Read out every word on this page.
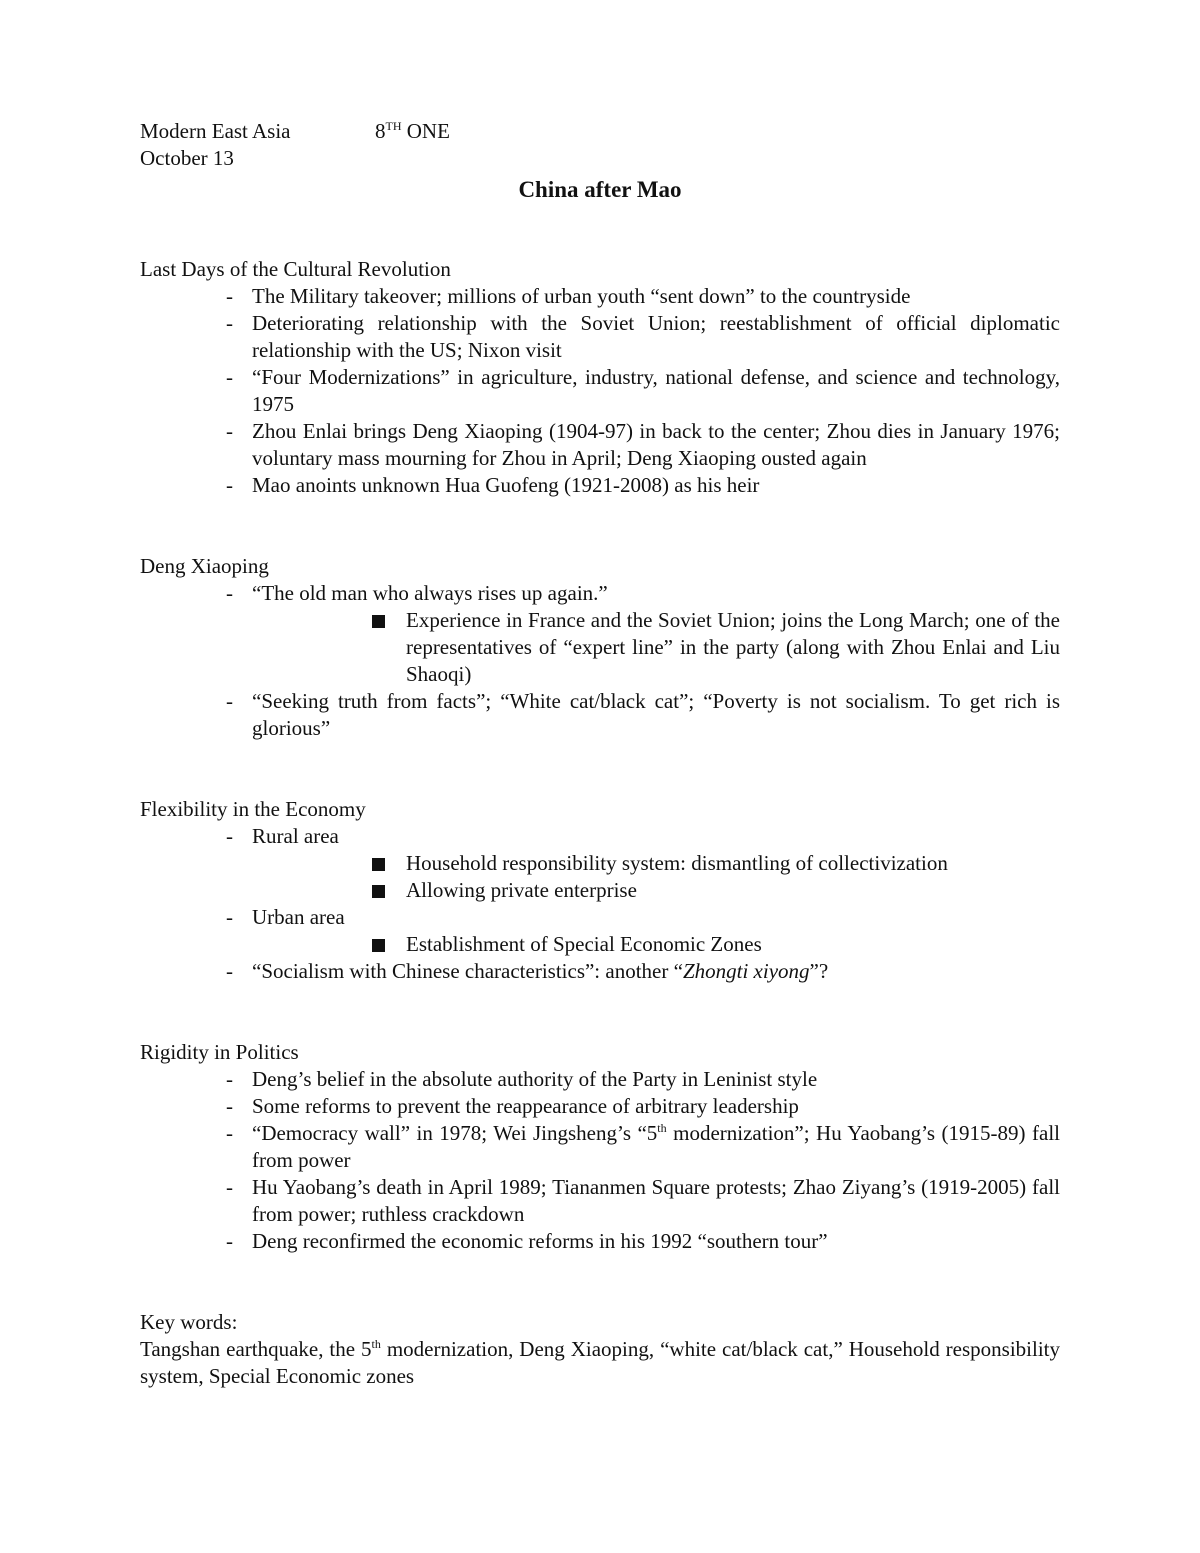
Modern East Asia	8TH ONE
October 13
China after Mao
Last Days of the Cultural Revolution
- The Military takeover; millions of urban youth “sent down” to the countryside
- Deteriorating relationship with the Soviet Union; reestablishment of official diplomatic relationship with the US; Nixon visit
- “Four Modernizations” in agriculture, industry, national defense, and science and technology, 1975
- Zhou Enlai brings Deng Xiaoping (1904-97) in back to the center; Zhou dies in January 1976; voluntary mass mourning for Zhou in April; Deng Xiaoping ousted again
- Mao anoints unknown Hua Guofeng (1921-2008) as his heir
Deng Xiaoping
- “The old man who always rises up again.”
Experience in France and the Soviet Union; joins the Long March; one of the representatives of “expert line” in the party (along with Zhou Enlai and Liu Shaoqi)
- “Seeking truth from facts”; “White cat/black cat”; “Poverty is not socialism. To get rich is glorious”
Flexibility in the Economy
- Rural area
Household responsibility system: dismantling of collectivization
Allowing private enterprise
- Urban area
Establishment of Special Economic Zones
- “Socialism with Chinese characteristics”: another “Zhongti xiyong”?
Rigidity in Politics
- Deng’s belief in the absolute authority of the Party in Leninist style
- Some reforms to prevent the reappearance of arbitrary leadership
- “Democracy wall” in 1978; Wei Jingsheng’s “5th modernization”; Hu Yaobang’s (1915-89) fall from power
- Hu Yaobang’s death in April 1989; Tiananmen Square protests; Zhao Ziyang’s (1919-2005) fall from power; ruthless crackdown
- Deng reconfirmed the economic reforms in his 1992 “southern tour”
Key words:
Tangshan earthquake, the 5th modernization, Deng Xiaoping, “white cat/black cat,” Household responsibility system, Special Economic zones
